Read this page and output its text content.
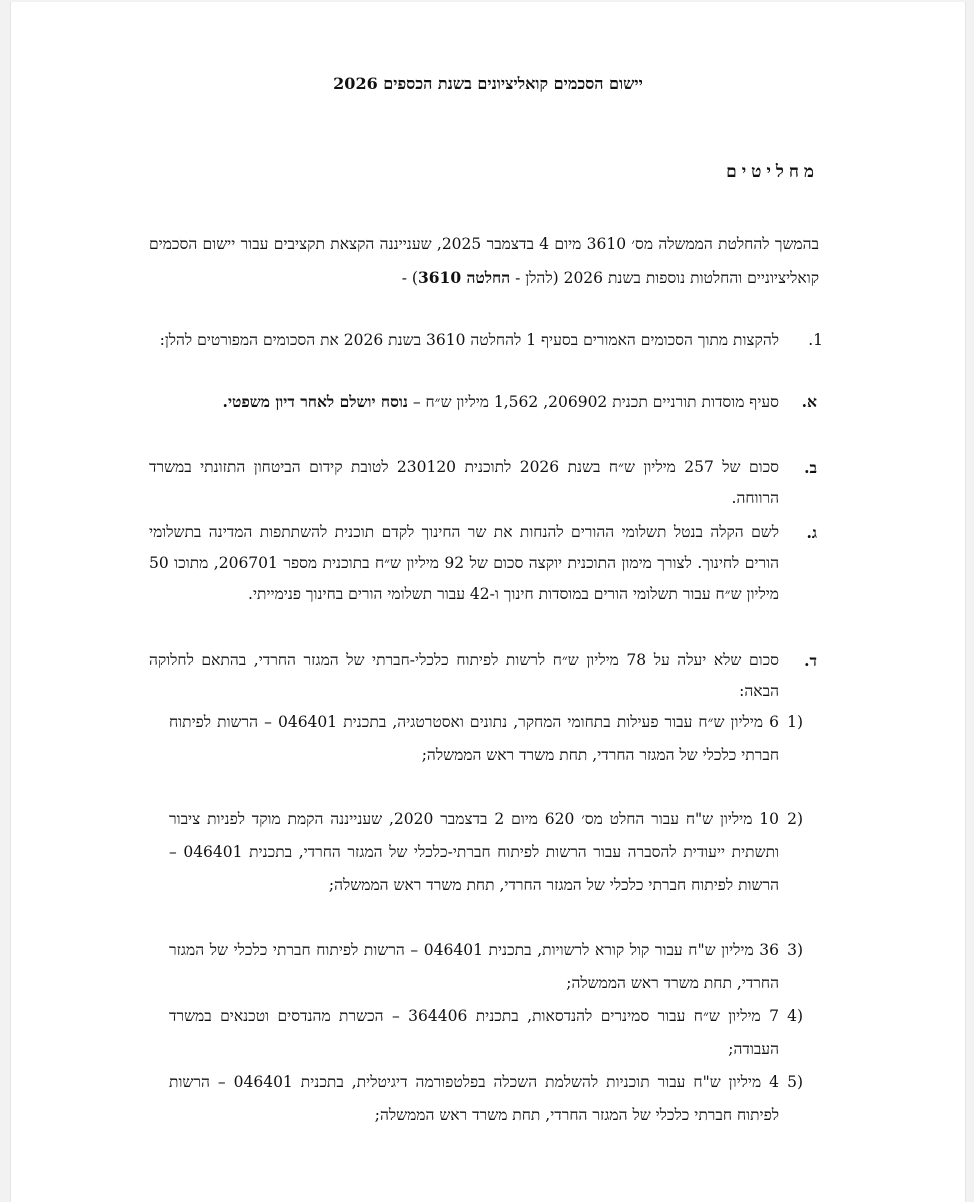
יישום הסכמים קואליציונים בשנת הכספים 2026
מחליטים
בהמשך להחלטת הממשלה מס׳ 3610 מיום 4 בדצמבר 2025, שענייננה הקצאת תקציבים עבור יישום הסכמים קואליציוניים והחלטות נוספות בשנת 2026 (להלן - החלטה 3610) -
1.
להקצות מתוך הסכומים האמורים בסעיף 1 להחלטה 3610 בשנת 2026 את הסכומים המפורטים להלן:
א.
סעיף מוסדות תורניים תכנית 206902, 1,562 מיליון ש״ח – נוסח יושלם לאחר דיון משפטי.
ב.
סכום של 257 מיליון ש״ח בשנת 2026 לתוכנית 230120 לטובת קידום הביטחון התזונתי במשרד הרווחה.
ג.
לשם הקלה בנטל תשלומי ההורים להנחות את שר החינוך לקדם תוכנית להשתתפות המדינה בתשלומי הורים לחינוך. לצורך מימון התוכנית יוקצה סכום של 92 מיליון ש״ח בתוכנית מספר 206701, מתוכו 50 מיליון ש״ח עבור תשלומי הורים במוסדות חינוך ו-42 עבור תשלומי הורים בחינוך פנימייתי.
ד.
סכום שלא יעלה על 78 מיליון ש״ח לרשות לפיתוח כלכלי-חברתי של המגזר החרדי, בהתאם לחלוקה הבאה:
(1
6 מיליון ש״ח עבור פעילות בתחומי המחקר, נתונים ואסטרטגיה, בתכנית 046401 – הרשות לפיתוח חברתי כלכלי של המגזר החרדי, תחת משרד ראש הממשלה;
(2
10 מיליון ש"ח עבור החלט מס׳ 620 מיום 2 בדצמבר 2020, שענייננה הקמת מוקד לפניות ציבור ותשתית ייעודית להסברה עבור הרשות לפיתוח חברתי-כלכלי של המגזר החרדי, בתכנית 046401 – הרשות לפיתוח חברתי כלכלי של המגזר החרדי, תחת משרד ראש הממשלה;
(3
36 מיליון ש"ח עבור קול קורא לרשויות, בתכנית 046401 – הרשות לפיתוח חברתי כלכלי של המגזר החרדי, תחת משרד ראש הממשלה;
(4
7 מיליון ש״ח עבור סמינרים להנדסאות, בתכנית 364406 – הכשרת מהנדסים וטכנאים במשרד העבודה;
(5
4 מיליון ש"ח עבור תוכניות להשלמת השכלה בפלטפורמה דיגיטלית, בתכנית 046401 – הרשות לפיתוח חברתי כלכלי של המגזר החרדי, תחת משרד ראש הממשלה;
